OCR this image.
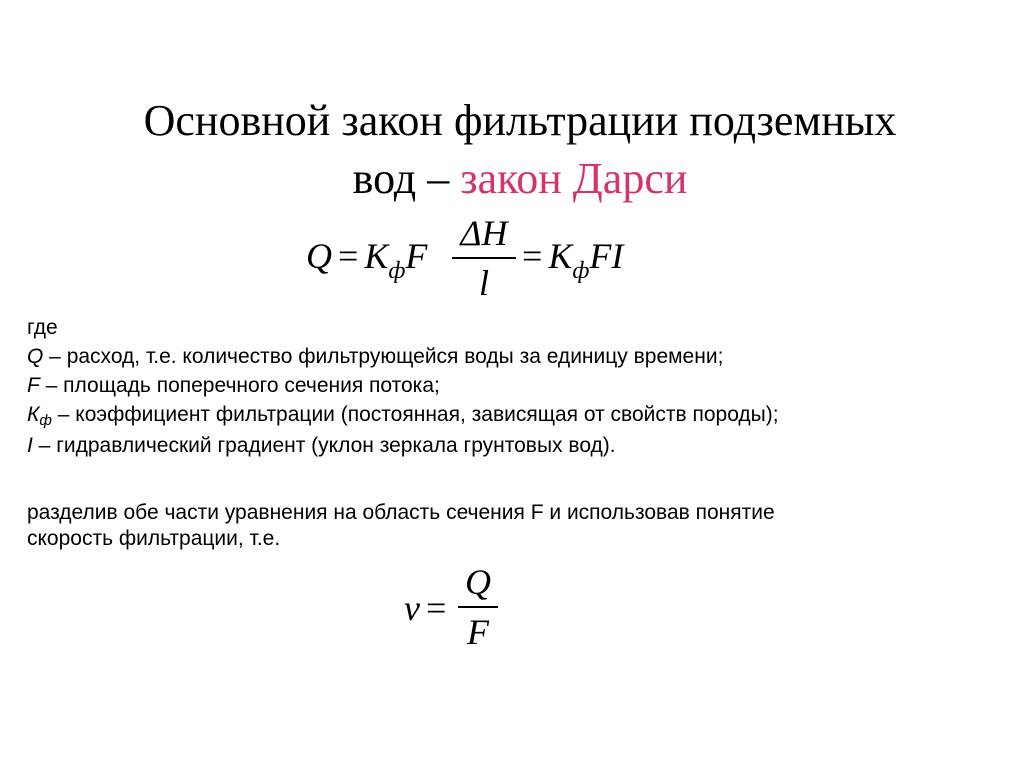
Основной закон фильтрации подземных
вод – закон Дарси
$Q = K_фF$
ΔH
l
= $K_фFI$
где
Q – расход, т.е. количество фильтрующейся воды за единицу времени;
F – площадь поперечного сечения потока;
Кф – коэффициент фильтрации (постоянная, зависящая от свойств породы);
I – гидравлический градиент (уклон зеркала грунтовых вод).
разделив обе части уравнения на область сечения F и использовав понятие
скорость фильтрации, т.е.
v =
Q
F
